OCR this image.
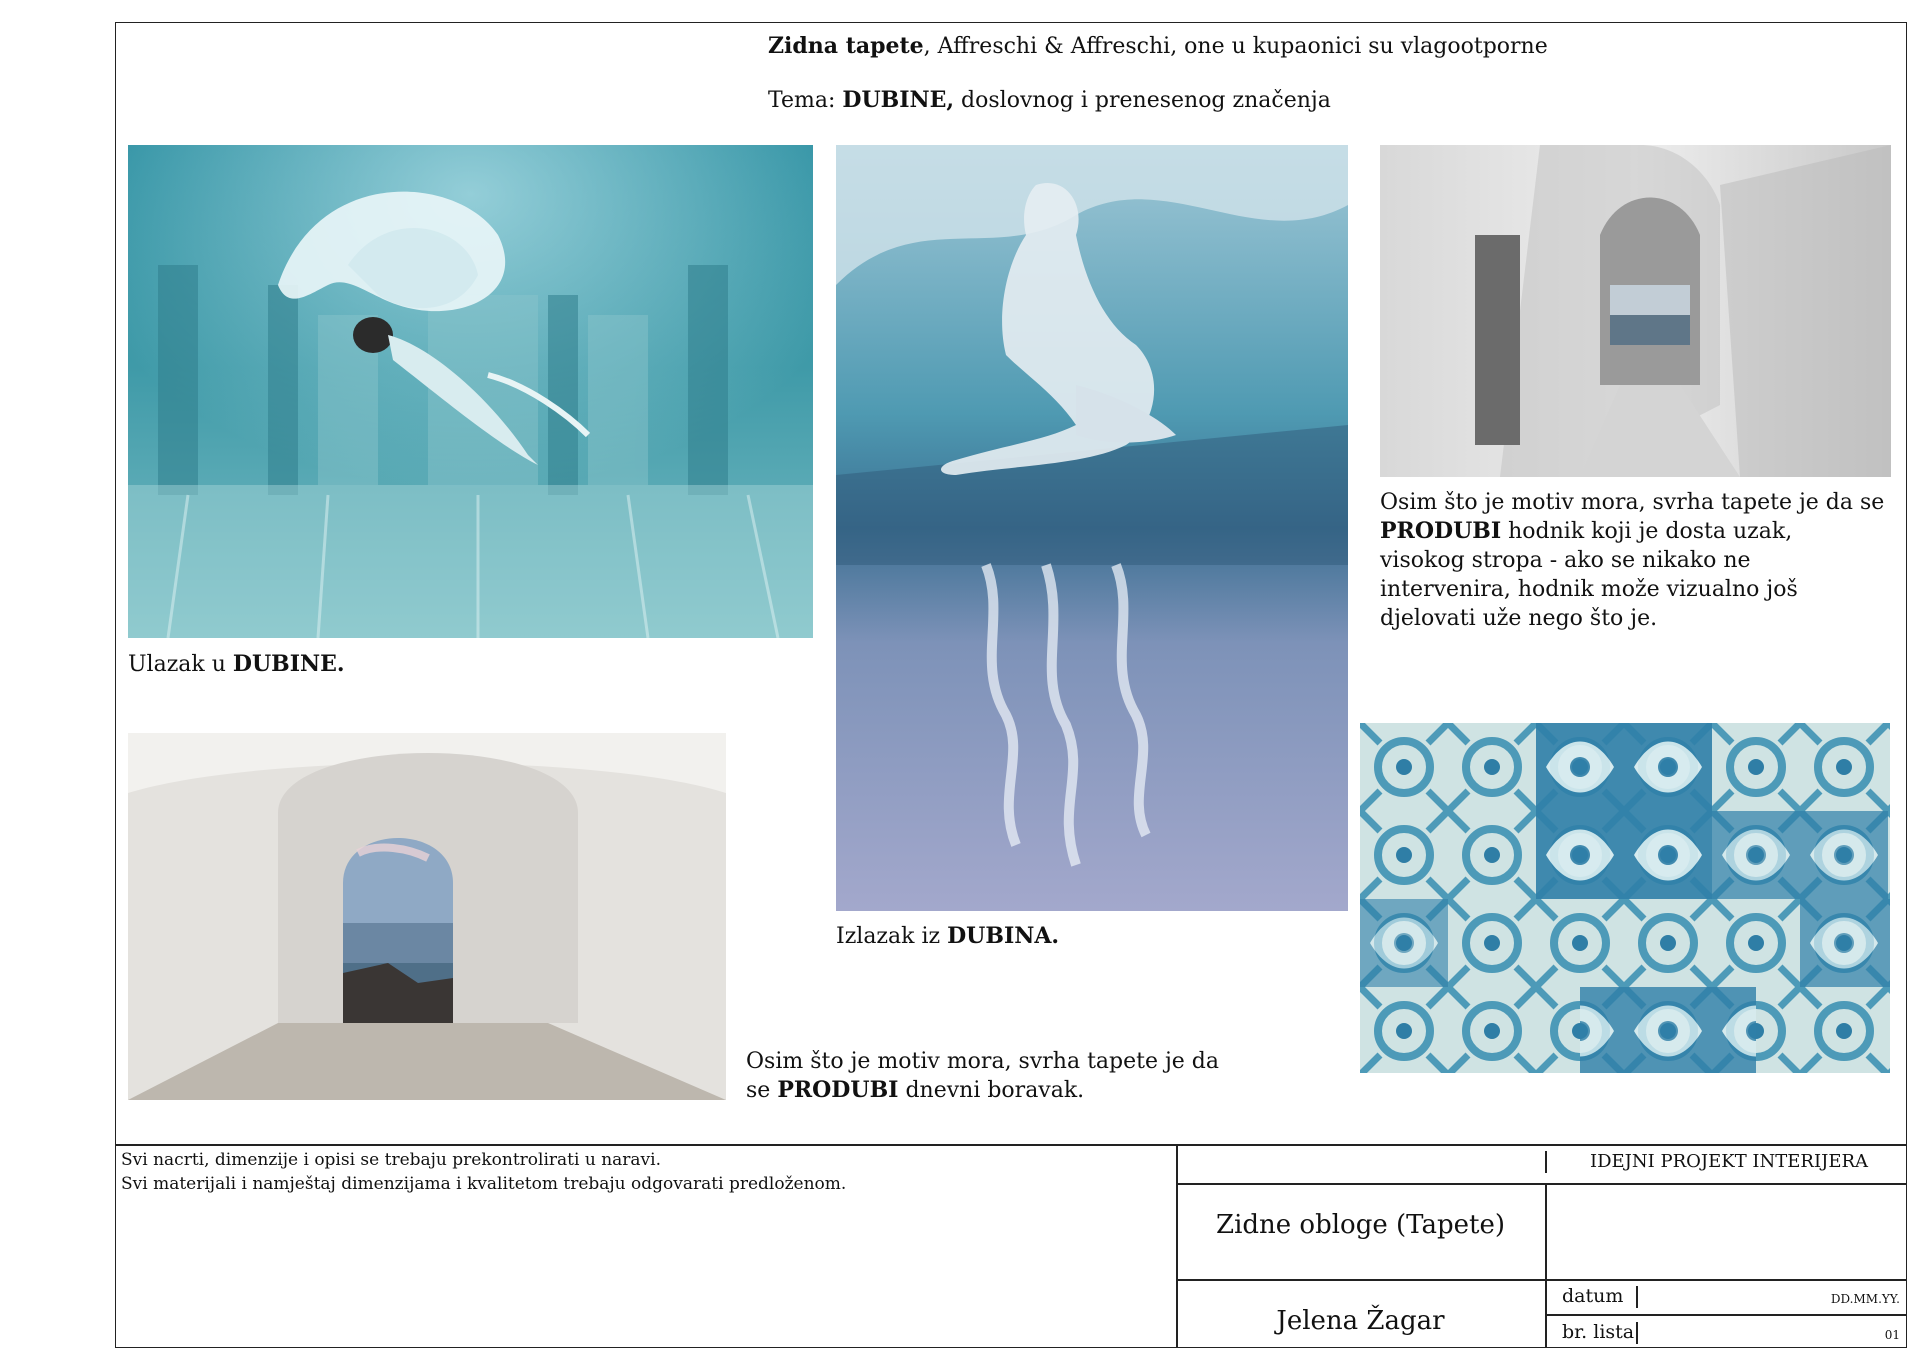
Zidna tapete, Affreschi & Affreschi, one u kupaonici su vlagootporne
Tema: DUBINE, doslovnog i prenesenog značenja
Ulazak u DUBINE.
Izlazak iz DUBINA.
Osim što je motiv mora, svrha tapete je da se
PRODUBI hodnik koji je dosta uzak,
visokog stropa - ako se nikako ne
intervenira, hodnik može vizualno još
djelovati uže nego što je.
Osim što je motiv mora, svrha tapete je da
se PRODUBI dnevni boravak.
Svi nacrti, dimenzije i opisi se trebaju prekontrolirati u naravi.
Svi materijali i namještaj dimenzijama i kvalitetom trebaju odgovarati predloženom.
IDEJNI PROJEKT INTERIJERA
Zidne obloge (Tapete)
Jelena Žagar
datum	DD.MM.YY.
br. lista	01
